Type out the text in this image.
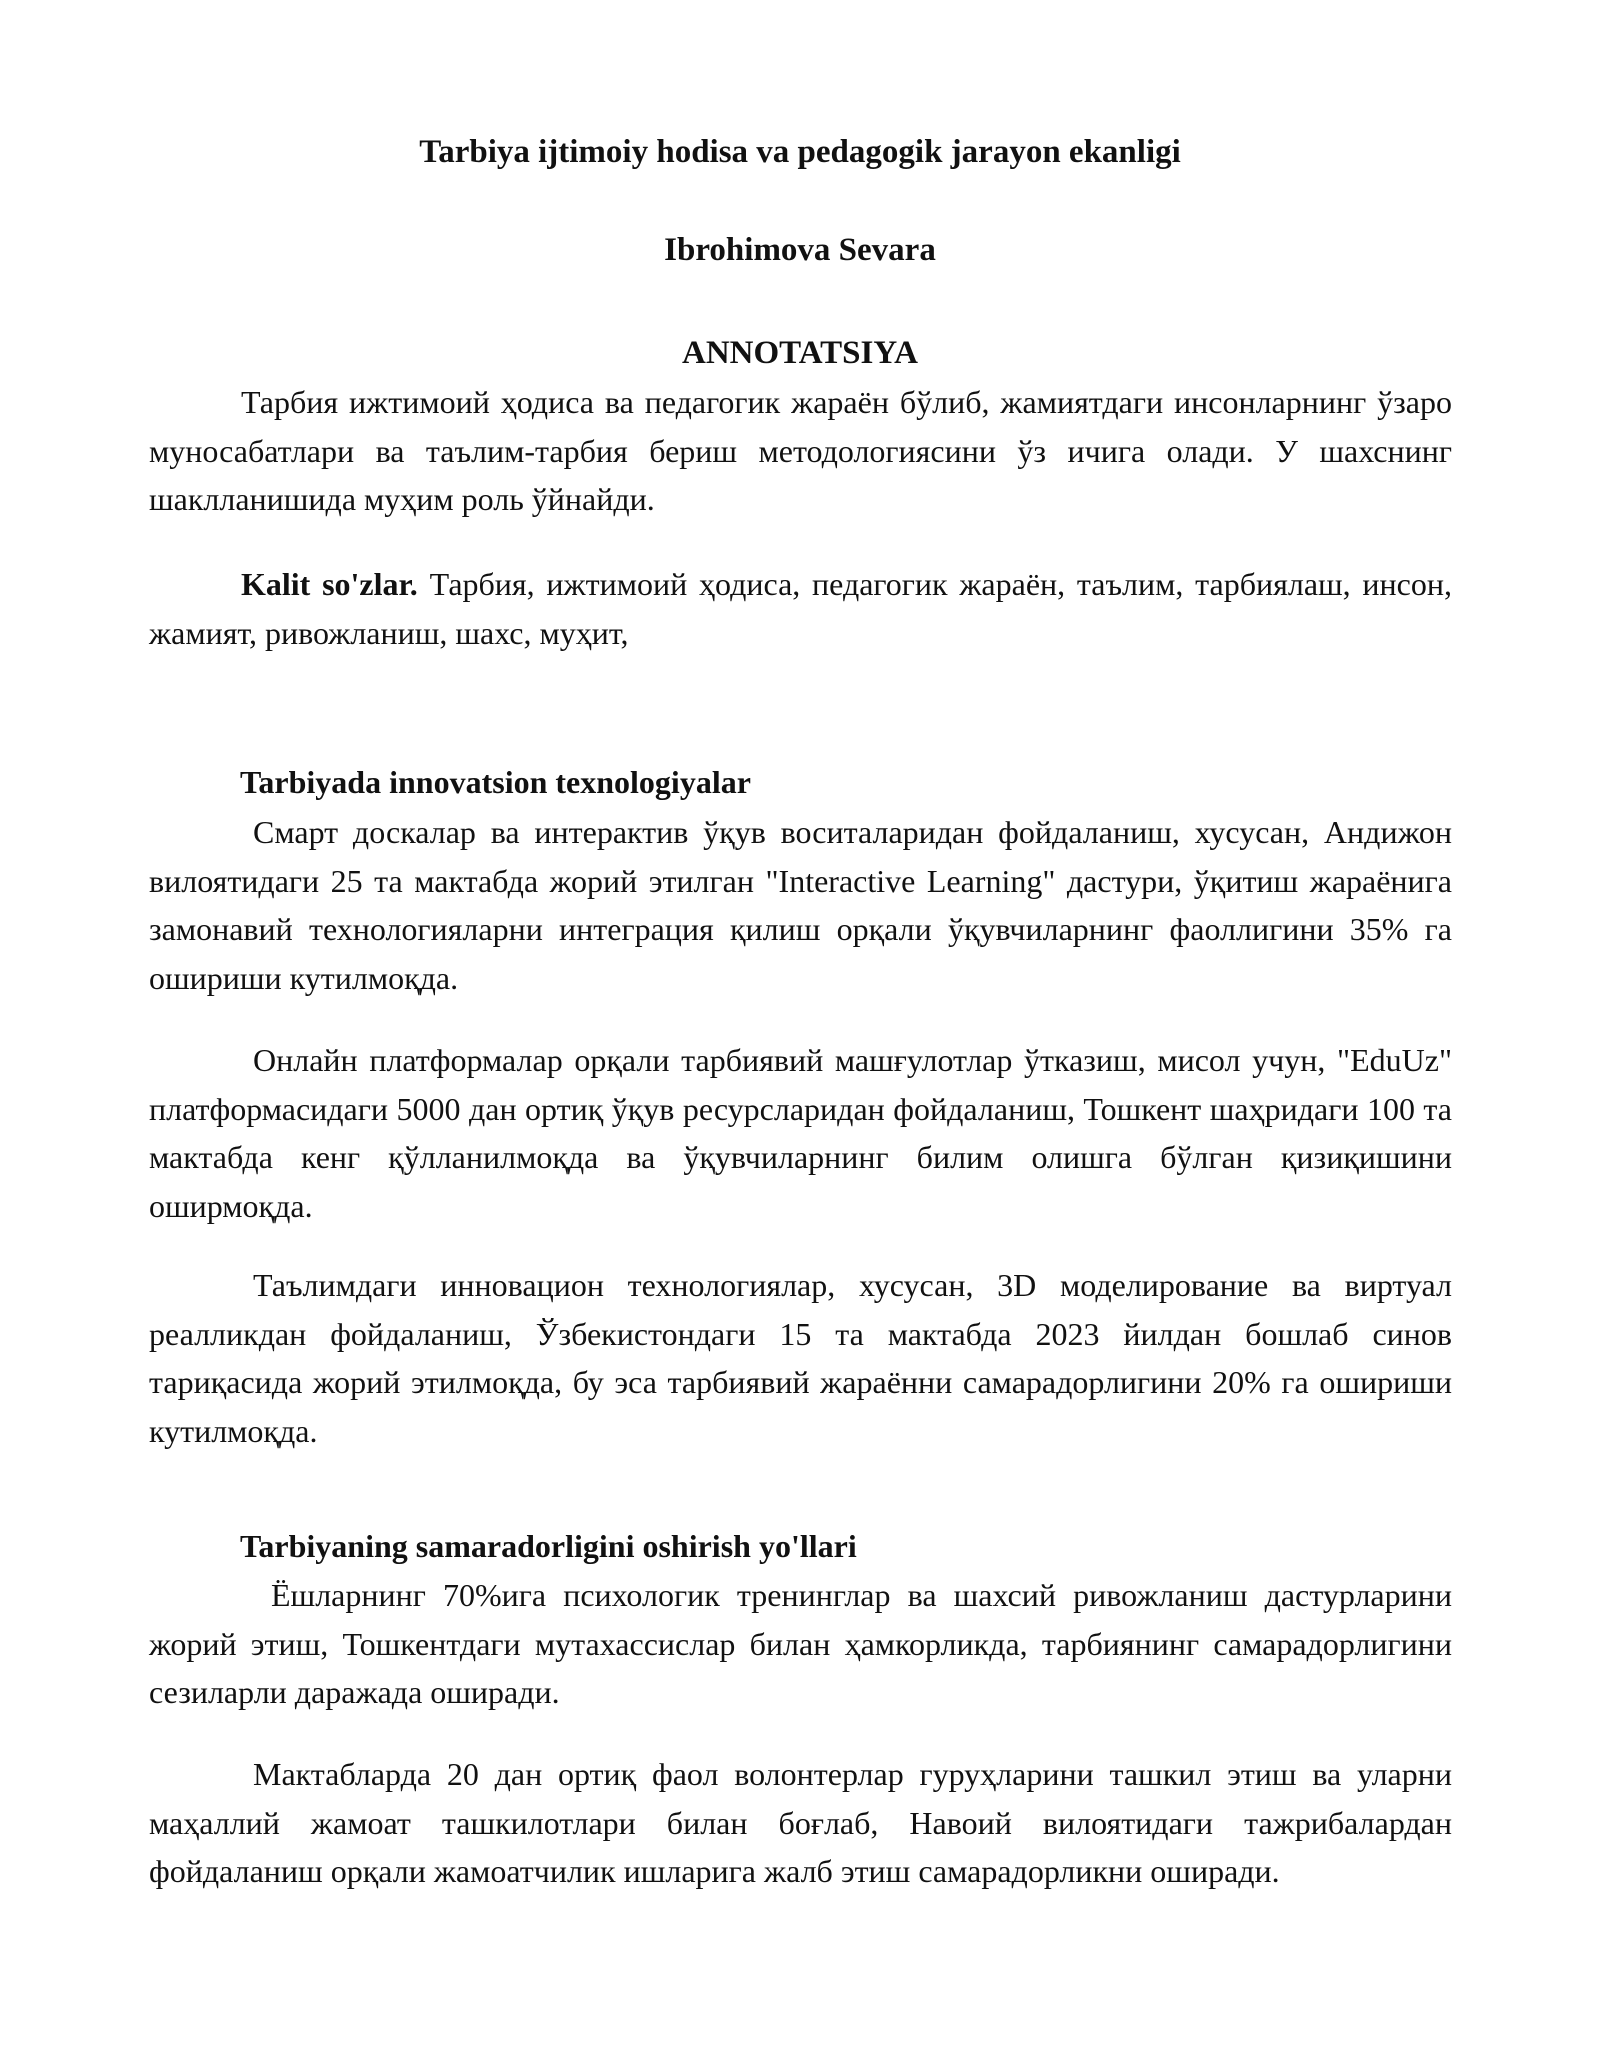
Tarbiya ijtimoiy hodisa va pedagogik jarayon ekanligi

Ibrohimova Sevara

ANNOTATSIYA

Тарбия ижтимоий ҳодиса ва педагогик жараён бўлиб, жамиятдаги инсонларнинг ўзаро муносабатлари ва таълим-тарбия бериш методологиясини ўз ичига олади. У шахснинг шаклланишида муҳим роль ўйнайди.

Kalit so'zlar. Тарбия, ижтимоий ҳодиса, педагогик жараён, таълим, тарбиялаш, инсон, жамият, ривожланиш, шахс, муҳит,

Tarbiyada innovatsion texnologiyalar

Смарт доскалар ва интерактив ўқув воситаларидан фойдаланиш, хусусан, Андижон вилоятидаги 25 та мактабда жорий этилган "Interactive Learning" дастури, ўқитиш жараёнига замонавий технологияларни интеграция қилиш орқали ўқувчиларнинг фаоллигини 35% га ошириши кутилмоқда.

Онлайн платформалар орқали тарбиявий машғулотлар ўтказиш, мисол учун, "EduUz" платформасидаги 5000 дан ортиқ ўқув ресурсларидан фойдаланиш, Тошкент шаҳридаги 100 та мактабда кенг қўлланилмоқда ва ўқувчиларнинг билим олишга бўлган қизиқишини оширмоқда.

Таълимдаги инновацион технологиялар, хусусан, 3D моделирование ва виртуал реалликдан фойдаланиш, Ўзбекистондаги 15 та мактабда 2023 йилдан бошлаб синов тариқасида жорий этилмоқда, бу эса тарбиявий жараённи самарадорлигини 20% га ошириши кутилмоқда.

Tarbiyaning samaradorligini oshirish yo'llari

Ёшларнинг 70%ига психологик тренинглар ва шахсий ривожланиш дастурларини жорий этиш, Тошкентдаги мутахассислар билан ҳамкорликда, тарбиянинг самарадорлигини сезиларли даражада оширади.

Мактабларда 20 дан ортиқ фаол волонтерлар гуруҳларини ташкил этиш ва уларни маҳаллий жамоат ташкилотлари билан боғлаб, Навоий вилоятидаги тажрибалардан фойдаланиш орқали жамоатчилик ишларига жалб этиш самарадорликни оширади.
